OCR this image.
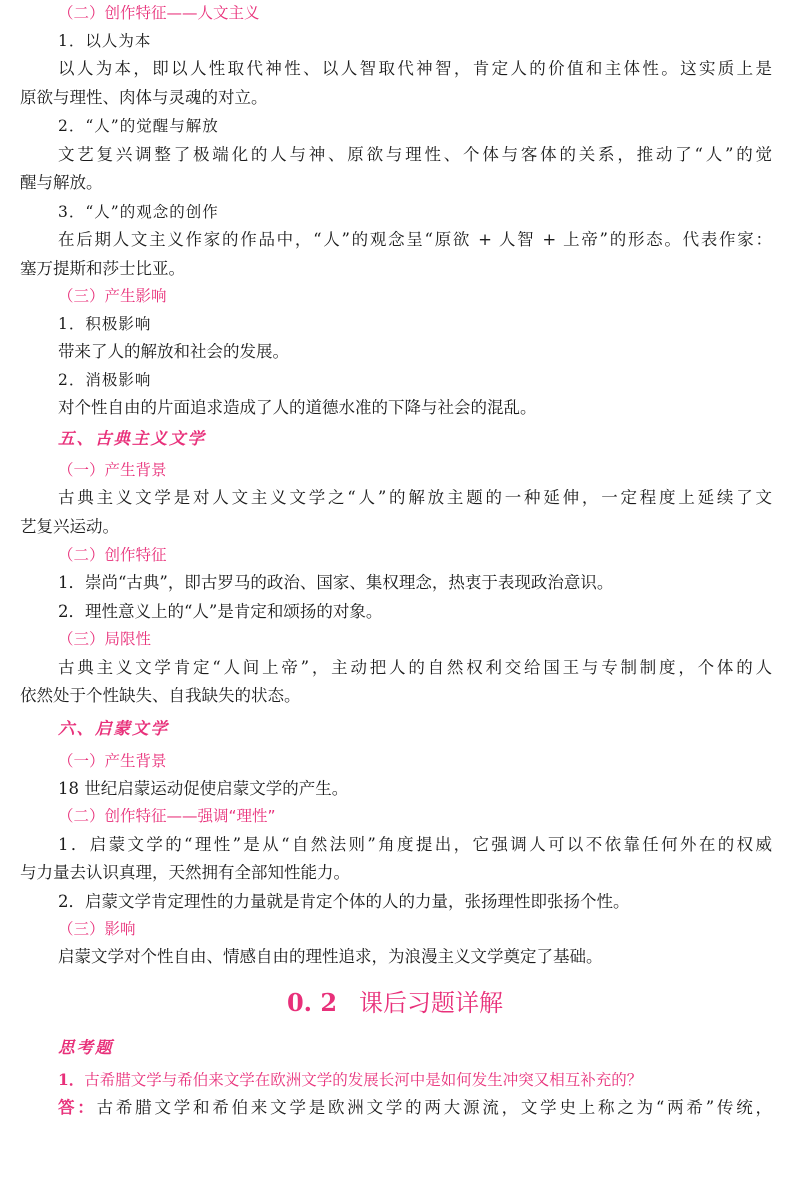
（二）创作特征——人文主义
1．以人为本
以人为本，即以人性取代神性、以人智取代神智，肯定人的价值和主体性。这实质上是
原欲与理性、肉体与灵魂的对立。
2．“人”的觉醒与解放
文艺复兴调整了极端化的人与神、原欲与理性、个体与客体的关系，推动了“人”的觉
醒与解放。
3．“人”的观念的创作
在后期人文主义作家的作品中，“人”的观念呈“原欲 + 人智 + 上帝”的形态。代表作家：
塞万提斯和莎士比亚。
（三）产生影响
1．积极影响
带来了人的解放和社会的发展。
2．消极影响
对个性自由的片面追求造成了人的道德水准的下降与社会的混乱。
五、古典主义文学
（一）产生背景
古典主义文学是对人文主义文学之“人”的解放主题的一种延伸，一定程度上延续了文
艺复兴运动。
（二）创作特征
1．崇尚“古典”，即古罗马的政治、国家、集权理念，热衷于表现政治意识。
2．理性意义上的“人”是肯定和颂扬的对象。
（三）局限性
古典主义文学肯定“人间上帝”，主动把人的自然权利交给国王与专制制度，个体的人
依然处于个性缺失、自我缺失的状态。
六、启蒙文学
（一）产生背景
18 世纪启蒙运动促使启蒙文学的产生。
（二）创作特征——强调“理性”
1．启蒙文学的“理性”是从“自然法则”角度提出，它强调人可以不依靠任何外在的权威
与力量去认识真理，天然拥有全部知性能力。
2．启蒙文学肯定理性的力量就是肯定个体的人的力量，张扬理性即张扬个性。
（三）影响
启蒙文学对个性自由、情感自由的理性追求，为浪漫主义文学奠定了基础。
0. 2 课后习题详解
思考题
1．古希腊文学与希伯来文学在欧洲文学的发展长河中是如何发生冲突又相互补充的？
答：古希腊文学和希伯来文学是欧洲文学的两大源流，文学史上称之为“两希”传统，
